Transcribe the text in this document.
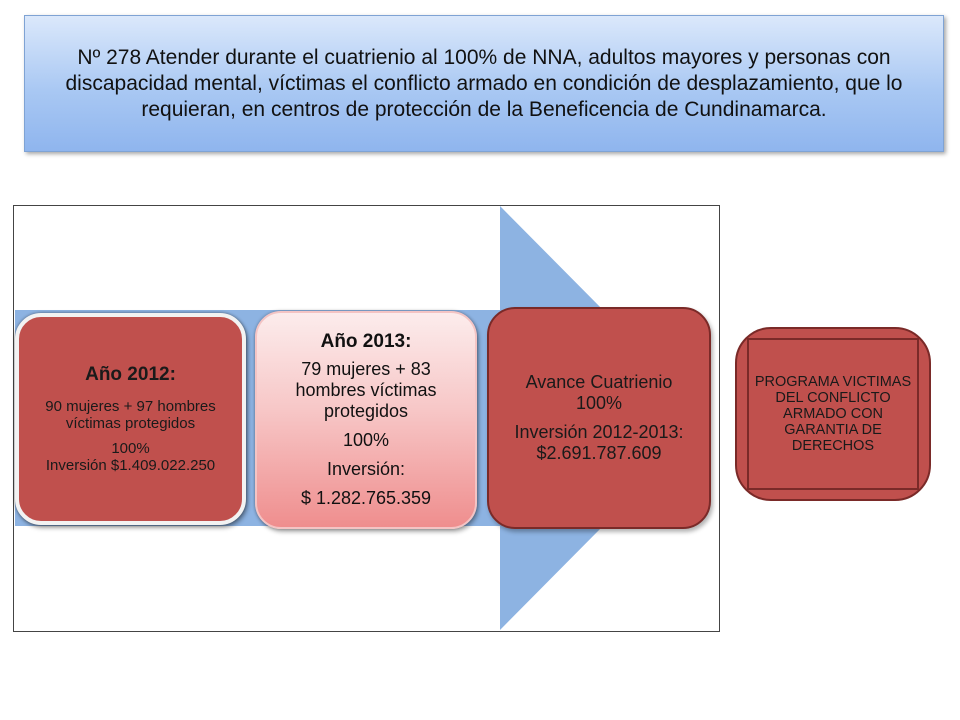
Nº 278 Atender durante el cuatrienio al 100% de NNA, adultos mayores y personas con discapacidad mental, víctimas el conflicto armado en condición de desplazamiento, que lo requieran, en centros de protección de la Beneficencia de Cundinamarca.
Año 2012:
90 mujeres + 97 hombres víctimas protegidos
100%
Inversión $1.409.022.250
Año 2013:
79 mujeres + 83 hombres víctimas protegidos
100%
Inversión:
$ 1.282.765.359
Avance Cuatrienio 100%
Inversión 2012-2013: $2.691.787.609
PROGRAMA VICTIMAS DEL CONFLICTO ARMADO CON GARANTIA DE DERECHOS
